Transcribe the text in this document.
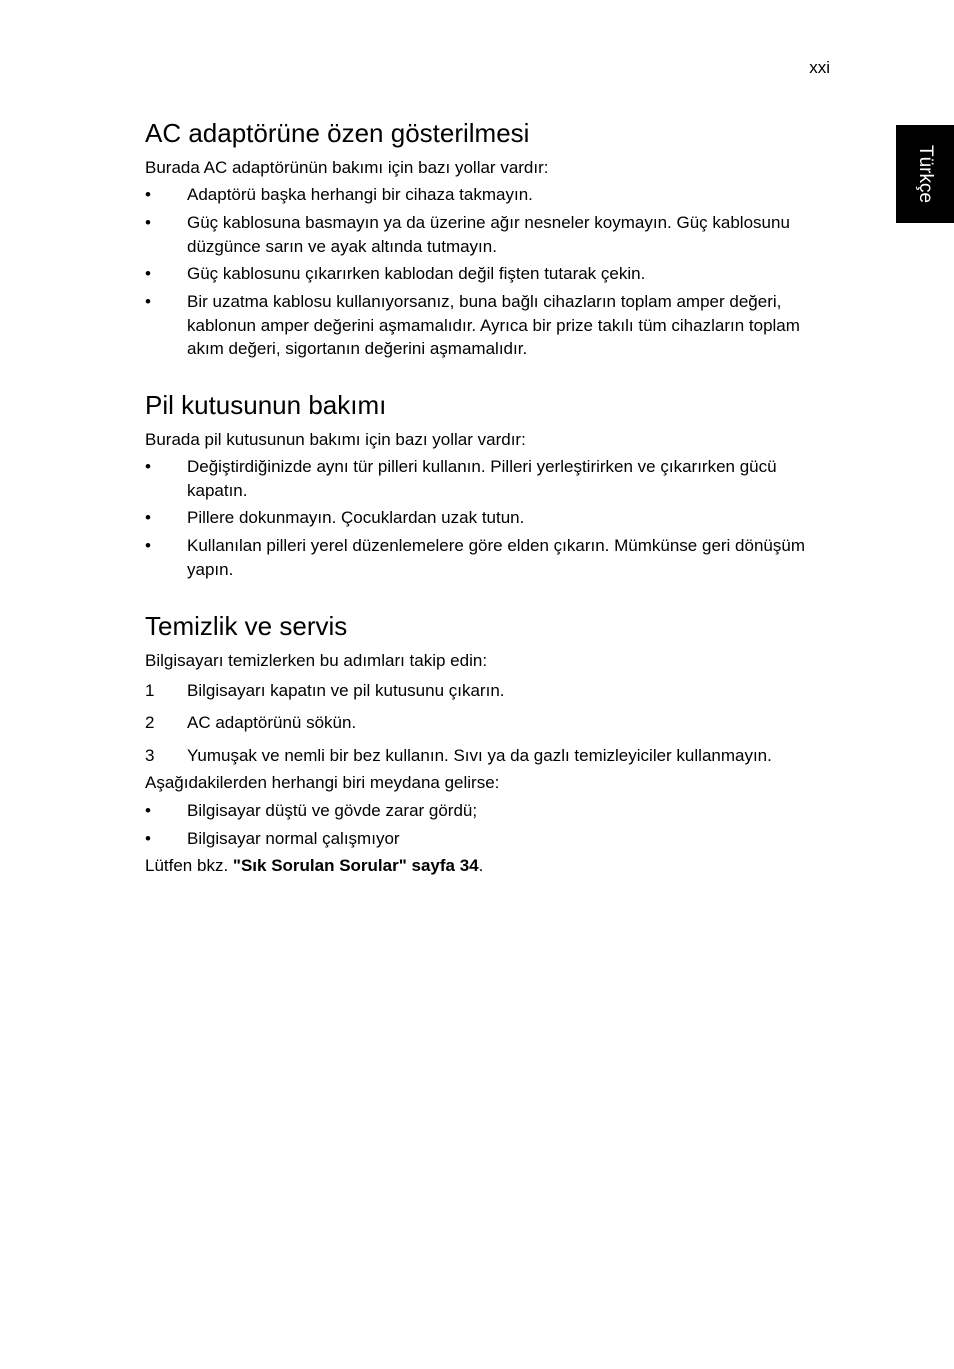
xxi
Türkçe
AC adaptörüne özen gösterilmesi
Burada AC adaptörünün bakımı için bazı yollar vardır:
• Adaptörü başka herhangi bir cihaza takmayın.
• Güç kablosuna basmayın ya da üzerine ağır nesneler koymayın. Güç kablosunu düzgünce sarın ve ayak altında tutmayın.
• Güç kablosunu çıkarırken kablodan değil fişten tutarak çekin.
• Bir uzatma kablosu kullanıyorsanız, buna bağlı cihazların toplam amper değeri, kablonun amper değerini aşmamalıdır. Ayrıca bir prize takılı tüm cihazların toplam akım değeri, sigortanın değerini aşmamalıdır.
Pil kutusunun bakımı
Burada pil kutusunun bakımı için bazı yollar vardır:
• Değiştirdiğinizde aynı tür pilleri kullanın. Pilleri yerleştirirken ve çıkarırken gücü kapatın.
• Pillere dokunmayın. Çocuklardan uzak tutun.
• Kullanılan pilleri yerel düzenlemelere göre elden çıkarın. Mümkünse geri dönüşüm yapın.
Temizlik ve servis
Bilgisayarı temizlerken bu adımları takip edin:
1 Bilgisayarı kapatın ve pil kutusunu çıkarın.
2 AC adaptörünü sökün.
3 Yumuşak ve nemli bir bez kullanın. Sıvı ya da gazlı temizleyiciler kullanmayın.
Aşağıdakilerden herhangi biri meydana gelirse:
• Bilgisayar düştü ve gövde zarar gördü;
• Bilgisayar normal çalışmıyor
Lütfen bkz. "Sık Sorulan Sorular" sayfa 34.
